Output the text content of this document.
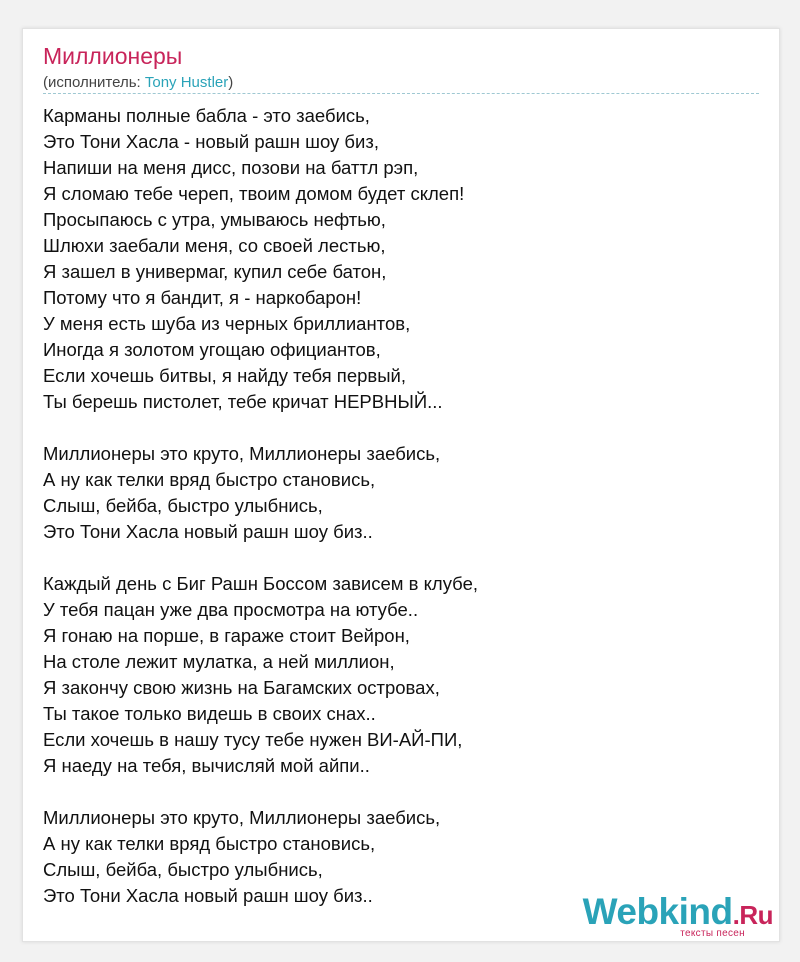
Миллионеры
(исполнитель: Tony Hustler)
Карманы полные бабла - это заебись,
Это Тони Хасла - новый рашн шоу биз,
Напиши на меня дисс, позови на баттл рэп,
Я сломаю тебе череп, твоим домом будет склеп!
Просыпаюсь с утра, умываюсь нефтью,
Шлюхи заебали меня, со своей лестью,
Я зашел в универмаг, купил себе батон,
Потому что я бандит, я - наркобарон!
У меня есть шуба из черных бриллиантов,
Иногда я золотом угощаю официантов,
Если хочешь битвы, я найду тебя первый,
Ты берешь пистолет, тебе кричат НЕРВНЫЙ...
Миллионеры это круто, Миллионеры заебись,
А ну как телки вряд быстро становись,
Слыш, бейба, быстро улыбнись,
Это Тони Хасла новый рашн шоу биз..
Каждый день с Биг Рашн Боссом зависем в клубе,
У тебя пацан уже два просмотра на ютубе..
Я гонаю на порше, в гараже стоит Вейрон,
На столе лежит мулатка, а ней миллион,
Я закончу свою жизнь на Багамских островах,
Ты такое только видешь в своих снах..
Если хочешь в нашу тусу тебе нужен ВИ-АЙ-ПИ,
Я наеду на тебя, вычисляй мой айпи..
Миллионеры это круто, Миллионеры заебись,
А ну как телки вряд быстро становись,
Слыш, бейба, быстро улыбнись,
Это Тони Хасла новый рашн шоу биз..	Webkind.Ru
тексты песен
